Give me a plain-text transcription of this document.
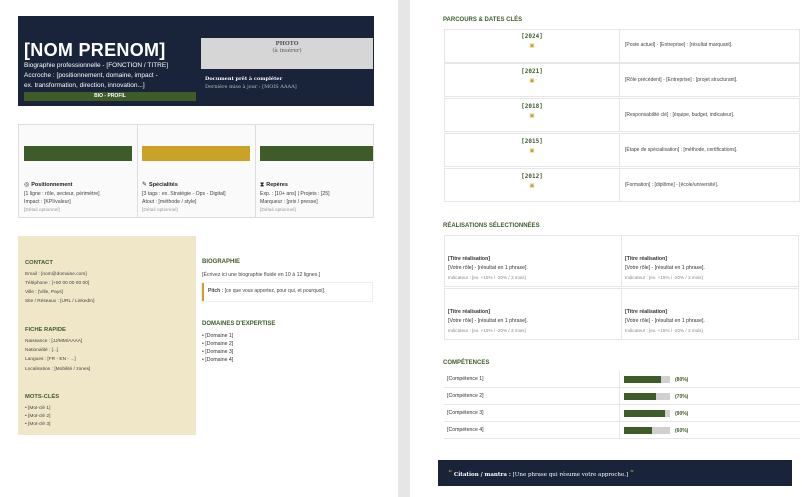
[NOM PRENOM]
Biographie professionnelle - [FONCTION / TITRE]
Accroche : [positionnement, domaine, impact -
ex. transformation, direction, innovation...]
BIO - PROFIL
PHOTO
(à insérer)
Document prêt à compléter
Dernière mise à jour : [MOIS AAAA]
◎ Positionnement
[1 ligne : rôle, secteur, périmètre]
Impact : [KPI/valeur]
[Détail optionnel]
✎ Spécialités
[3 tags : ex. Stratégie - Ops - Digital]
Atout : [méthode / style]
[Détail optionnel]
⧗ Repères
Exp. : [10+ ans] | Projets : [25]
Marqueur : [prix / presse]
[Détail optionnel]
CONTACT
Email : [nom@domaine.com]
Téléphone : [+00 00 00 00 00]
Ville : [Ville, Pays]
Site / Réseaux : [URL / LinkedIn]
FICHE RAPIDE
Naissance : [JJ/MM/AAAA]
Nationalité : [...]
Langues : [FR - EN - ...]
Localisation : [Mobilité / zones]
MOTS-CLÉS
• [Mot-clé 1]
• [Mot-clé 2]
• [Mot-clé 3]
BIOGRAPHIE
[Écrivez ici une biographie fluide en 10 à 12 lignes.]
Pitch : [ce que vous apportez, pour qui, et pourquoi].
DOMAINES D'EXPERTISE
• [Domaine 1]
• [Domaine 2]
• [Domaine 3]
• [Domaine 4]
PARCOURS & DATES CLÉS
[2024]
▣	[Poste actuel] - [Entreprise] : [résultat marquant].
[2021]
▣	[Rôle précédent] - [Entreprise] : [projet structurant].
[2018]
▣	[Responsabilité clé] : [équipe, budget, indicateur].
[2015]
▣	[Étape de spécialisation] : [méthode, certifications].
[2012]
▣	[Formation] : [diplôme] - [école/université].
RÉALISATIONS SÉLECTIONNÉES
[Titre réalisation]
[Votre rôle] - [résultat en 1 phrase].
Indicateur : [ex. +15% / -20% / 3 mois]
[Titre réalisation]
[Votre rôle] - [résultat en 1 phrase].
Indicateur : [ex. +15% / -20% / 3 mois]
[Titre réalisation]
[Votre rôle] - [résultat en 1 phrase].
Indicateur : [ex. +15% / -20% / 3 mois]
[Titre réalisation]
[Votre rôle] - [résultat en 1 phrase].
Indicateur : [ex. +15% / -20% / 3 mois]
COMPÉTENCES
[Compétence 1]	(80%)
[Compétence 2]	(70%)
[Compétence 3]	(90%)
[Compétence 4]	(60%)
“ Citation / mantra : [Une phrase qui résume votre approche.] ”
